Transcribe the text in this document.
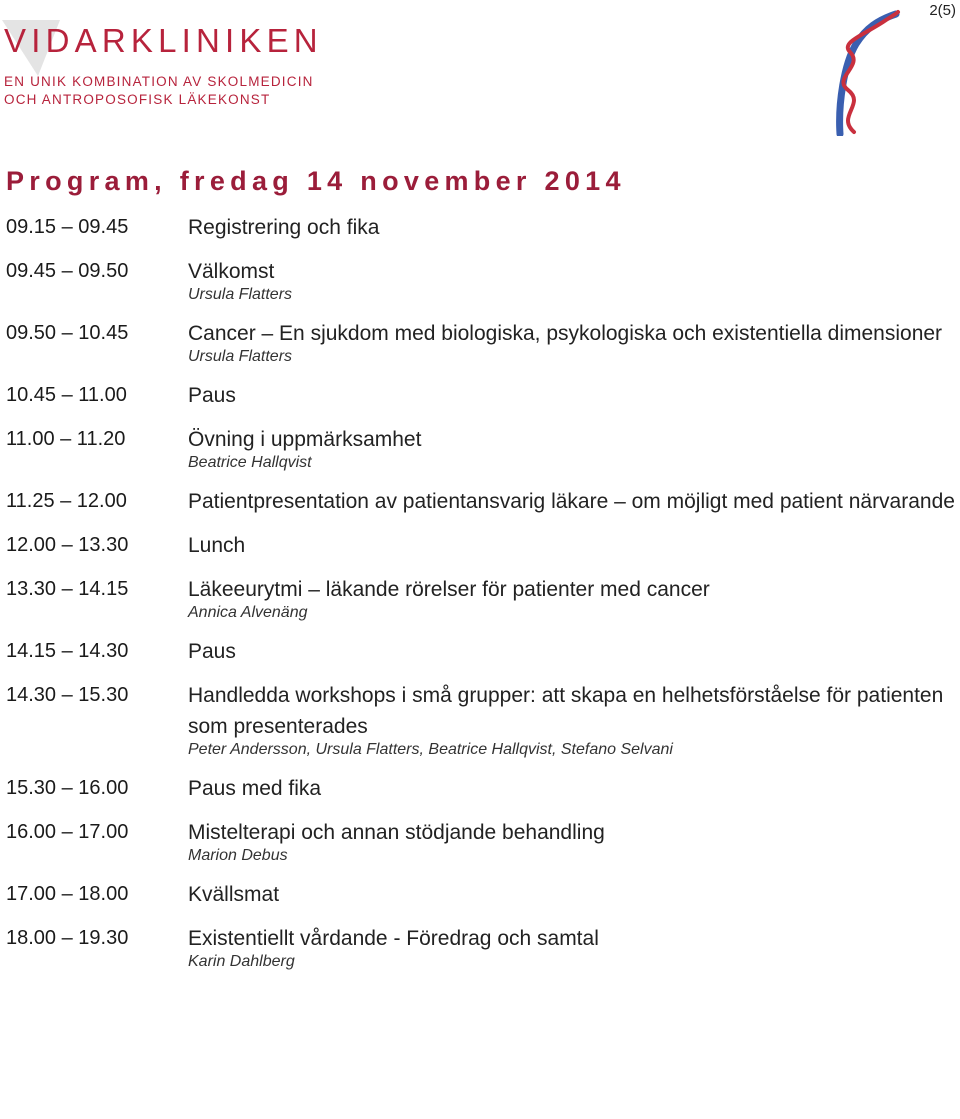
2(5)
VIDARKLINIKEN
EN UNIK KOMBINATION AV SKOLMEDICIN
OCH ANTROPOSOFISK LÄKEKONST
Program, fredag 14 november 2014
09.15 – 09.45	Registrering och fika
09.45 – 09.50	Välkomst
Ursula Flatters
09.50 – 10.45	Cancer – En sjukdom med biologiska, psykologiska och existentiella dimensioner
Ursula Flatters
10.45 – 11.00	Paus
11.00 – 11.20	Övning i uppmärksamhet
Beatrice Hallqvist
11.25 – 12.00	Patientpresentation av patientansvarig läkare – om möjligt med patient närvarande
12.00 – 13.30	Lunch
13.30 – 14.15	Läkeeurytmi – läkande rörelser för patienter med cancer
Annica Alvenäng
14.15 – 14.30	Paus
14.30 – 15.30	Handledda workshops i små grupper: att skapa en helhetsförståelse för patienten som presenterades
Peter Andersson, Ursula Flatters, Beatrice Hallqvist, Stefano Selvani
15.30 – 16.00	Paus med fika
16.00 – 17.00	Mistelterapi och annan stödjande behandling
Marion Debus
17.00 – 18.00	Kvällsmat
18.00 – 19.30	Existentiellt vårdande - Föredrag och samtal
Karin Dahlberg
